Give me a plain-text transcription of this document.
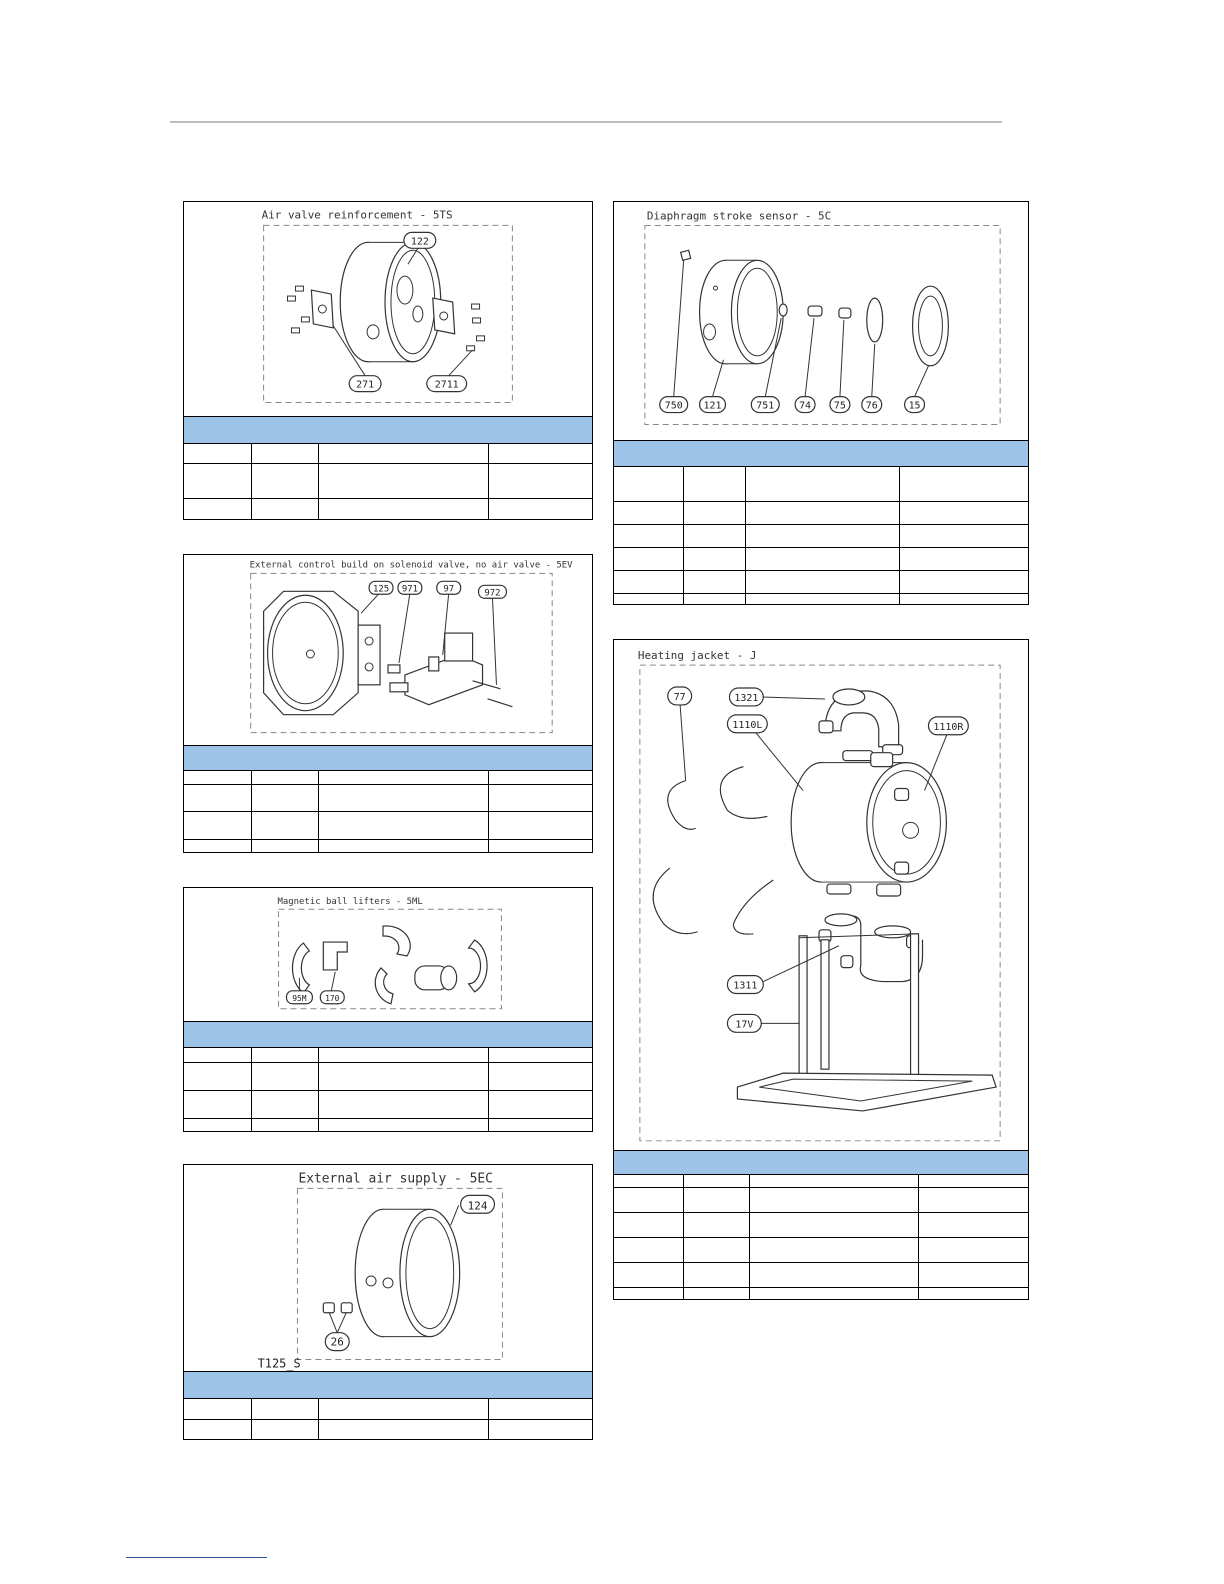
Air valve reinforcement - 5TS
122
271	2711

External control build on solenoid valve, no air valve - 5EV
125 971	97	972

Magnetic ball lifters - 5ML
95M 170

External air supply - 5EC
124
26
T125_S

Diaphragm stroke sensor - 5C
750 121	751 74 75 76	15

Heating jacket - J
77	1321
1110L	1110R
1311
17V
